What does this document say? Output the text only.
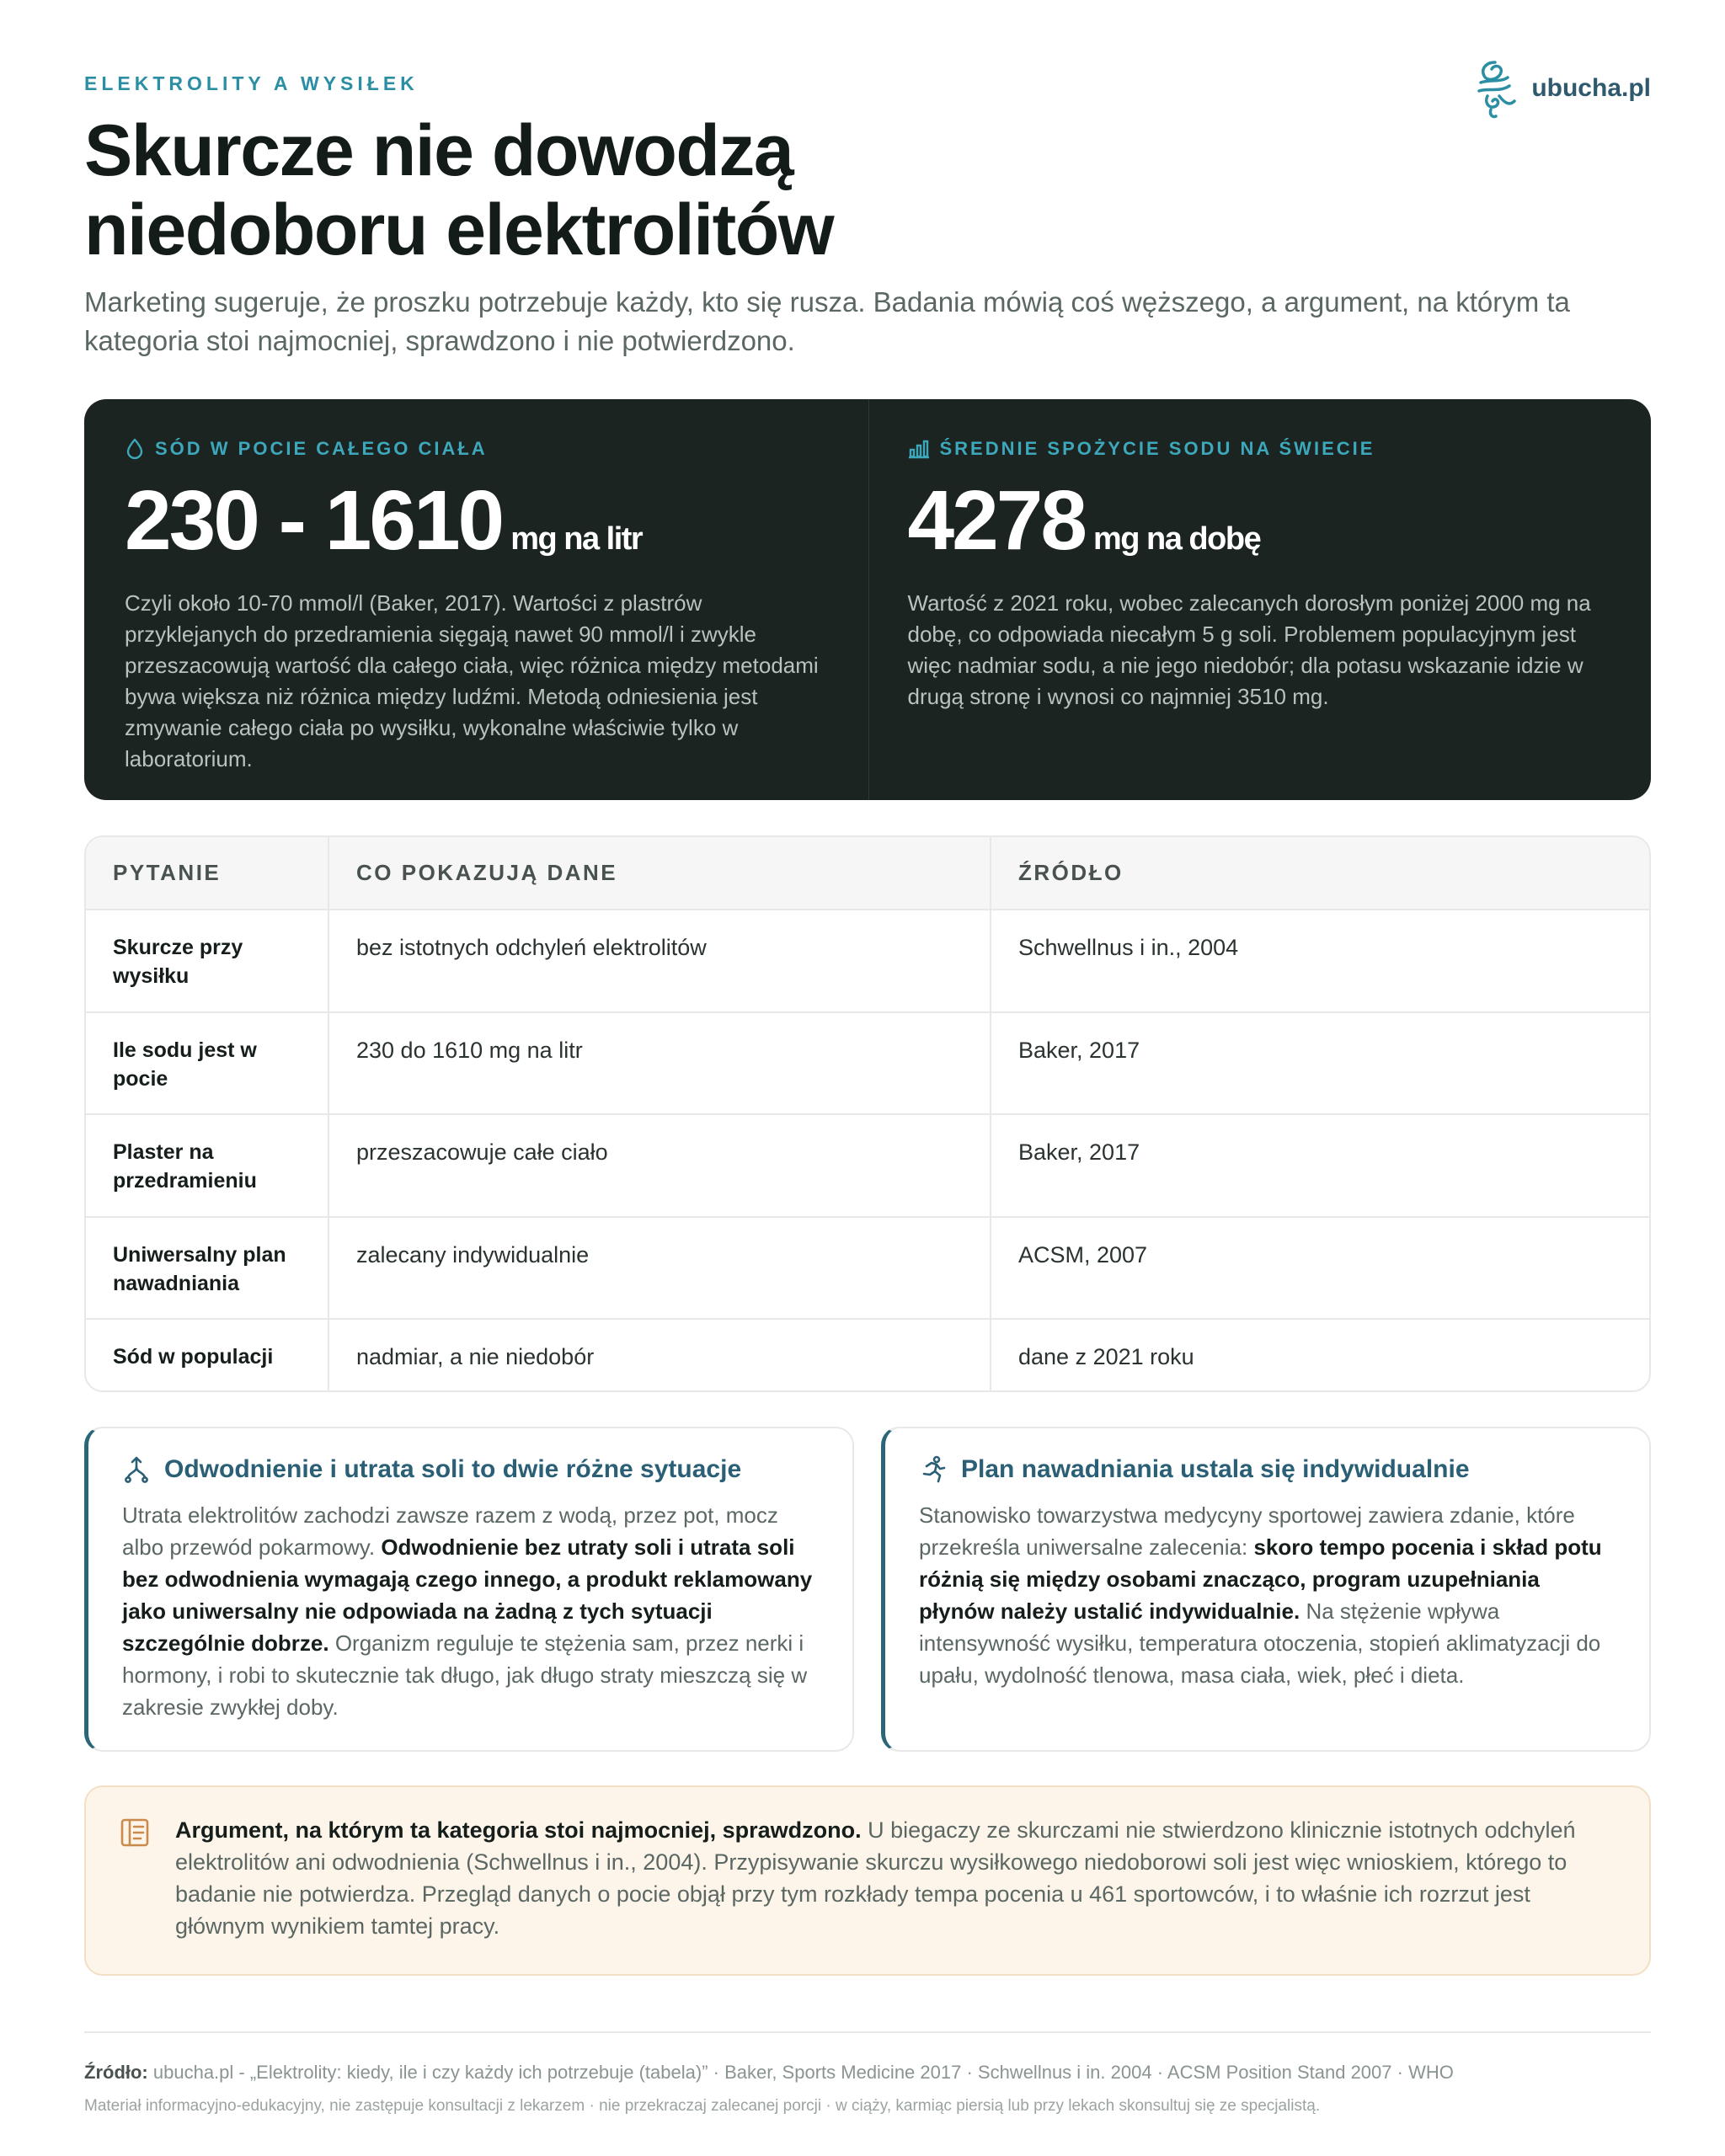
ELEKTROLITY A WYSIŁEK	ubucha.pl
Skurcze nie dowodzą
niedoboru elektrolitów

Marketing sugeruje, że proszku potrzebuje każdy, kto się rusza. Badania mówią coś węższego, a argument, na którym ta kategoria stoi najmocniej, sprawdzono i nie potwierdzono.

SÓD W POCIE CAŁEGO CIAŁA
230 - 1610 mg na litr

Czyli około 10-70 mmol/l (Baker, 2017). Wartości z plastrów przyklejanych do przedramienia sięgają nawet 90 mmol/l i zwykle przeszacowują wartość dla całego ciała, więc różnica między metodami bywa większa niż różnica między ludźmi. Metodą odniesienia jest zmywanie całego ciała po wysiłku, wykonalne właściwie tylko w laboratorium.

ŚREDNIE SPOŻYCIE SODU NA ŚWIECIE
4278 mg na dobę

Wartość z 2021 roku, wobec zalecanych dorosłym poniżej 2000 mg na dobę, co odpowiada niecałym 5 g soli. Problemem populacyjnym jest więc nadmiar sodu, a nie jego niedobór; dla potasu wskazanie idzie w drugą stronę i wynosi co najmniej 3510 mg.

PYTANIE	CO POKAZUJĄ DANE	ŹRÓDŁO
Skurcze przy wysiłku	bez istotnych odchyleń elektrolitów	Schwellnus i in., 2004
Ile sodu jest w pocie	230 do 1610 mg na litr	Baker, 2017
Plaster na przedramieniu	przeszacowuje całe ciało	Baker, 2017
Uniwersalny plan nawadniania	zalecany indywidualnie	ACSM, 2007
Sód w populacji	nadmiar, a nie niedobór	dane z 2021 roku
Odwodnienie i utrata soli to dwie różne sytuacje

Utrata elektrolitów zachodzi zawsze razem z wodą, przez pot, mocz albo przewód pokarmowy. Odwodnienie bez utraty soli i utrata soli bez odwodnienia wymagają czego innego, a produkt reklamowany jako uniwersalny nie odpowiada na żadną z tych sytuacji szczególnie dobrze. Organizm reguluje te stężenia sam, przez nerki i hormony, i robi to skutecznie tak długo, jak długo straty mieszczą się w zakresie zwykłej doby.

Plan nawadniania ustala się indywidualnie

Stanowisko towarzystwa medycyny sportowej zawiera zdanie, które przekreśla uniwersalne zalecenia: skoro tempo pocenia i skład potu różnią się między osobami znacząco, program uzupełniania płynów należy ustalić indywidualnie. Na stężenie wpływa intensywność wysiłku, temperatura otoczenia, stopień aklimatyzacji do upału, wydolność tlenowa, masa ciała, wiek, płeć i dieta.

Argument, na którym ta kategoria stoi najmocniej, sprawdzono. U biegaczy ze skurczami nie stwierdzono klinicznie istotnych odchyleń elektrolitów ani odwodnienia (Schwellnus i in., 2004). Przypisywanie skurczu wysiłkowego niedoborowi soli jest więc wnioskiem, którego to badanie nie potwierdza. Przegląd danych o pocie objął przy tym rozkłady tempa pocenia u 461 sportowców, i to właśnie ich rozrzut jest głównym wynikiem tamtej pracy.

Źródło: ubucha.pl - „Elektrolity: kiedy, ile i czy każdy ich potrzebuje (tabela)” · Baker, Sports Medicine 2017 · Schwellnus i in. 2004 · ACSM Position Stand 2007 · WHO

Materiał informacyjno-edukacyjny, nie zastępuje konsultacji z lekarzem · nie przekraczaj zalecanej porcji · w ciąży, karmiąc piersią lub przy lekach skonsultuj się ze specjalistą.
